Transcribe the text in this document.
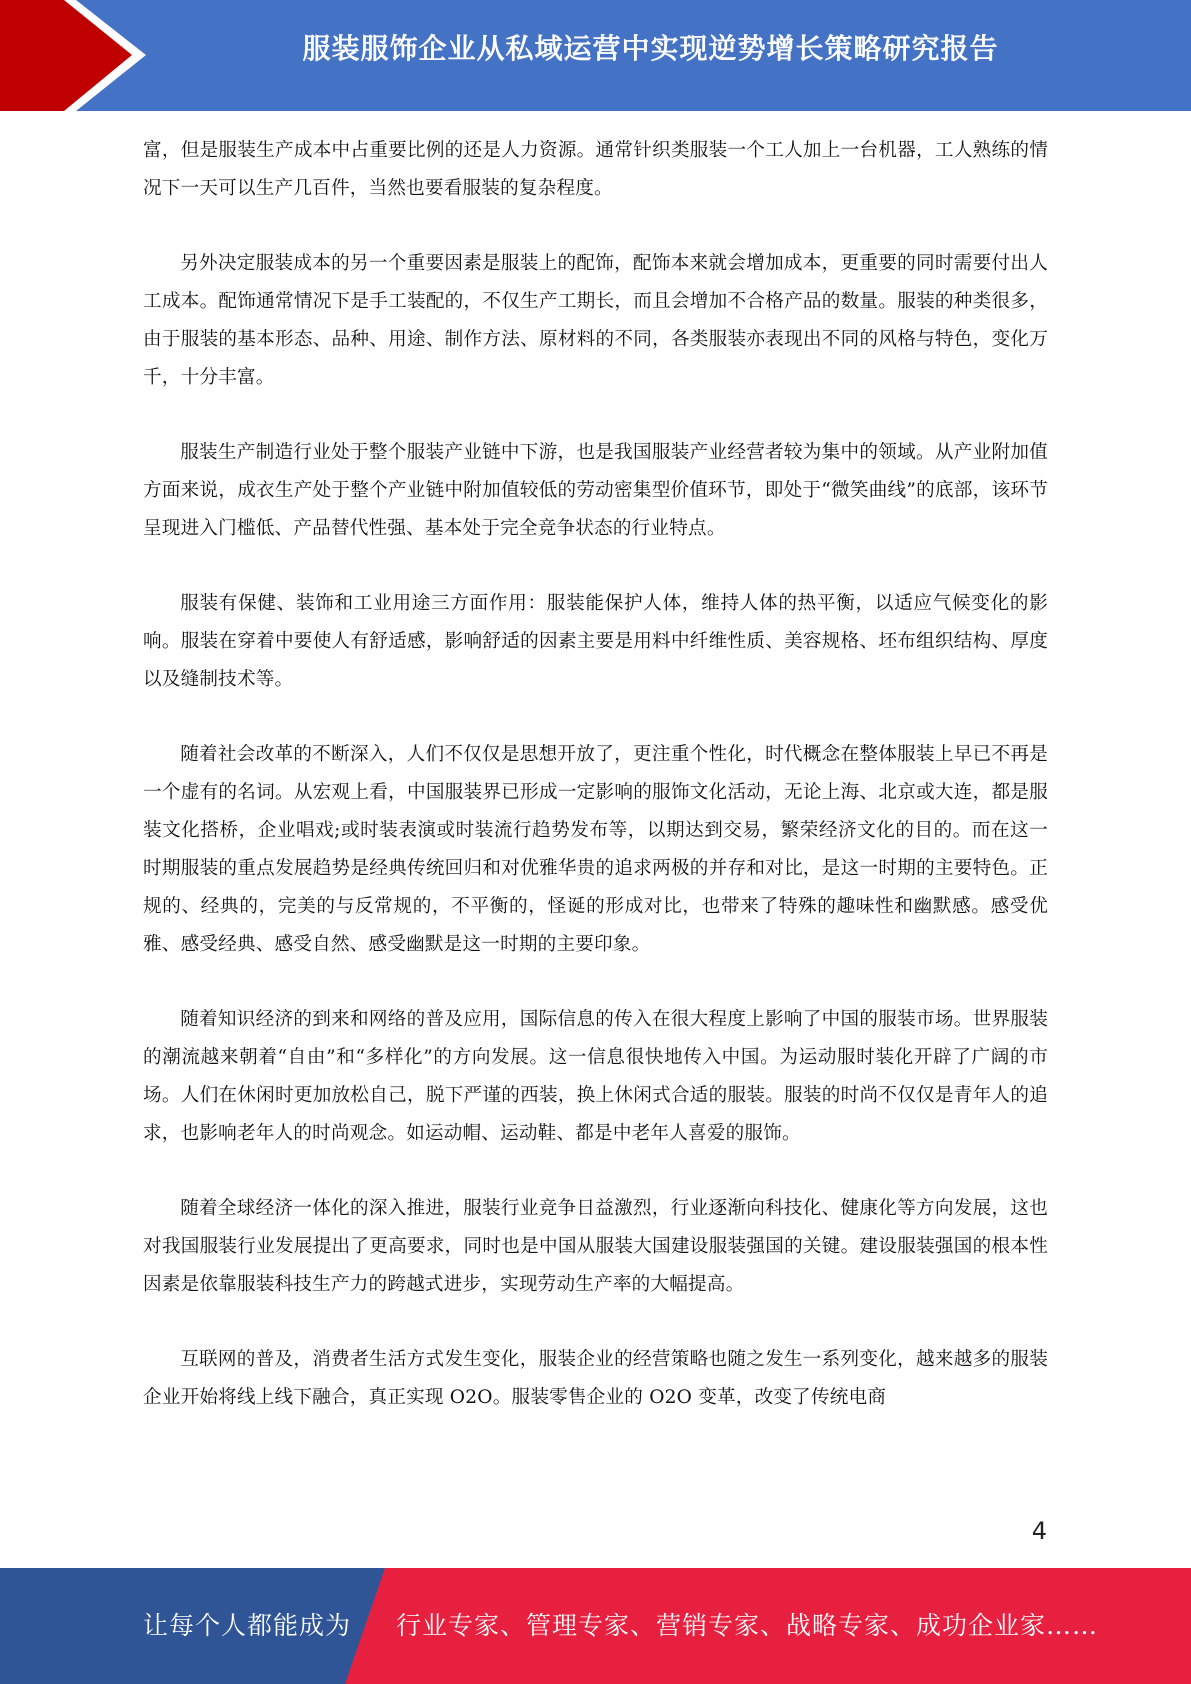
服装服饰企业从私域运营中实现逆势增长策略研究报告

富，但是服装生产成本中占重要比例的还是人力资源。通常针织类服装一个工人加上一台机器，工人熟练的情况下一天可以生产几百件，当然也要看服装的复杂程度。

另外决定服装成本的另一个重要因素是服装上的配饰，配饰本来就会增加成本，更重要的同时需要付出人工成本。配饰通常情况下是手工装配的，不仅生产工期长，而且会增加不合格产品的数量。服装的种类很多，由于服装的基本形态、品种、用途、制作方法、原材料的不同，各类服装亦表现出不同的风格与特色，变化万千，十分丰富。

服装生产制造行业处于整个服装产业链中下游，也是我国服装产业经营者较为集中的领域。从产业附加值方面来说，成衣生产处于整个产业链中附加值较低的劳动密集型价值环节，即处于“微笑曲线”的底部，该环节呈现进入门槛低、产品替代性强、基本处于完全竞争状态的行业特点。

服装有保健、装饰和工业用途三方面作用：服装能保护人体，维持人体的热平衡，以适应气候变化的影响。服装在穿着中要使人有舒适感，影响舒适的因素主要是用料中纤维性质、美容规格、坯布组织结构、厚度以及缝制技术等。

随着社会改革的不断深入，人们不仅仅是思想开放了，更注重个性化，时代概念在整体服装上早已不再是一个虚有的名词。从宏观上看，中国服装界已形成一定影响的服饰文化活动，无论上海、北京或大连，都是服装文化搭桥，企业唱戏;或时装表演或时装流行趋势发布等，以期达到交易，繁荣经济文化的目的。而在这一时期服装的重点发展趋势是经典传统回归和对优雅华贵的追求两极的并存和对比，是这一时期的主要特色。正规的、经典的，完美的与反常规的，不平衡的，怪诞的形成对比，也带来了特殊的趣味性和幽默感。感受优雅、感受经典、感受自然、感受幽默是这一时期的主要印象。

随着知识经济的到来和网络的普及应用，国际信息的传入在很大程度上影响了中国的服装市场。世界服装的潮流越来朝着“自由”和“多样化”的方向发展。这一信息很快地传入中国。为运动服时装化开辟了广阔的市场。人们在休闲时更加放松自己，脱下严谨的西装，换上休闲式合适的服装。服装的时尚不仅仅是青年人的追求，也影响老年人的时尚观念。如运动帽、运动鞋、都是中老年人喜爱的服饰。

随着全球经济一体化的深入推进，服装行业竞争日益激烈，行业逐渐向科技化、健康化等方向发展，这也对我国服装行业发展提出了更高要求，同时也是中国从服装大国建设服装强国的关键。建设服装强国的根本性因素是依靠服装科技生产力的跨越式进步，实现劳动生产率的大幅提高。

互联网的普及，消费者生活方式发生变化，服装企业的经营策略也随之发生一系列变化，越来越多的服装企业开始将线上线下融合，真正实现 O2O。服装零售企业的 O2O 变革，改变了传统电商

4
让每个人都能成为 行业专家、管理专家、营销专家、战略专家、成功企业家……
